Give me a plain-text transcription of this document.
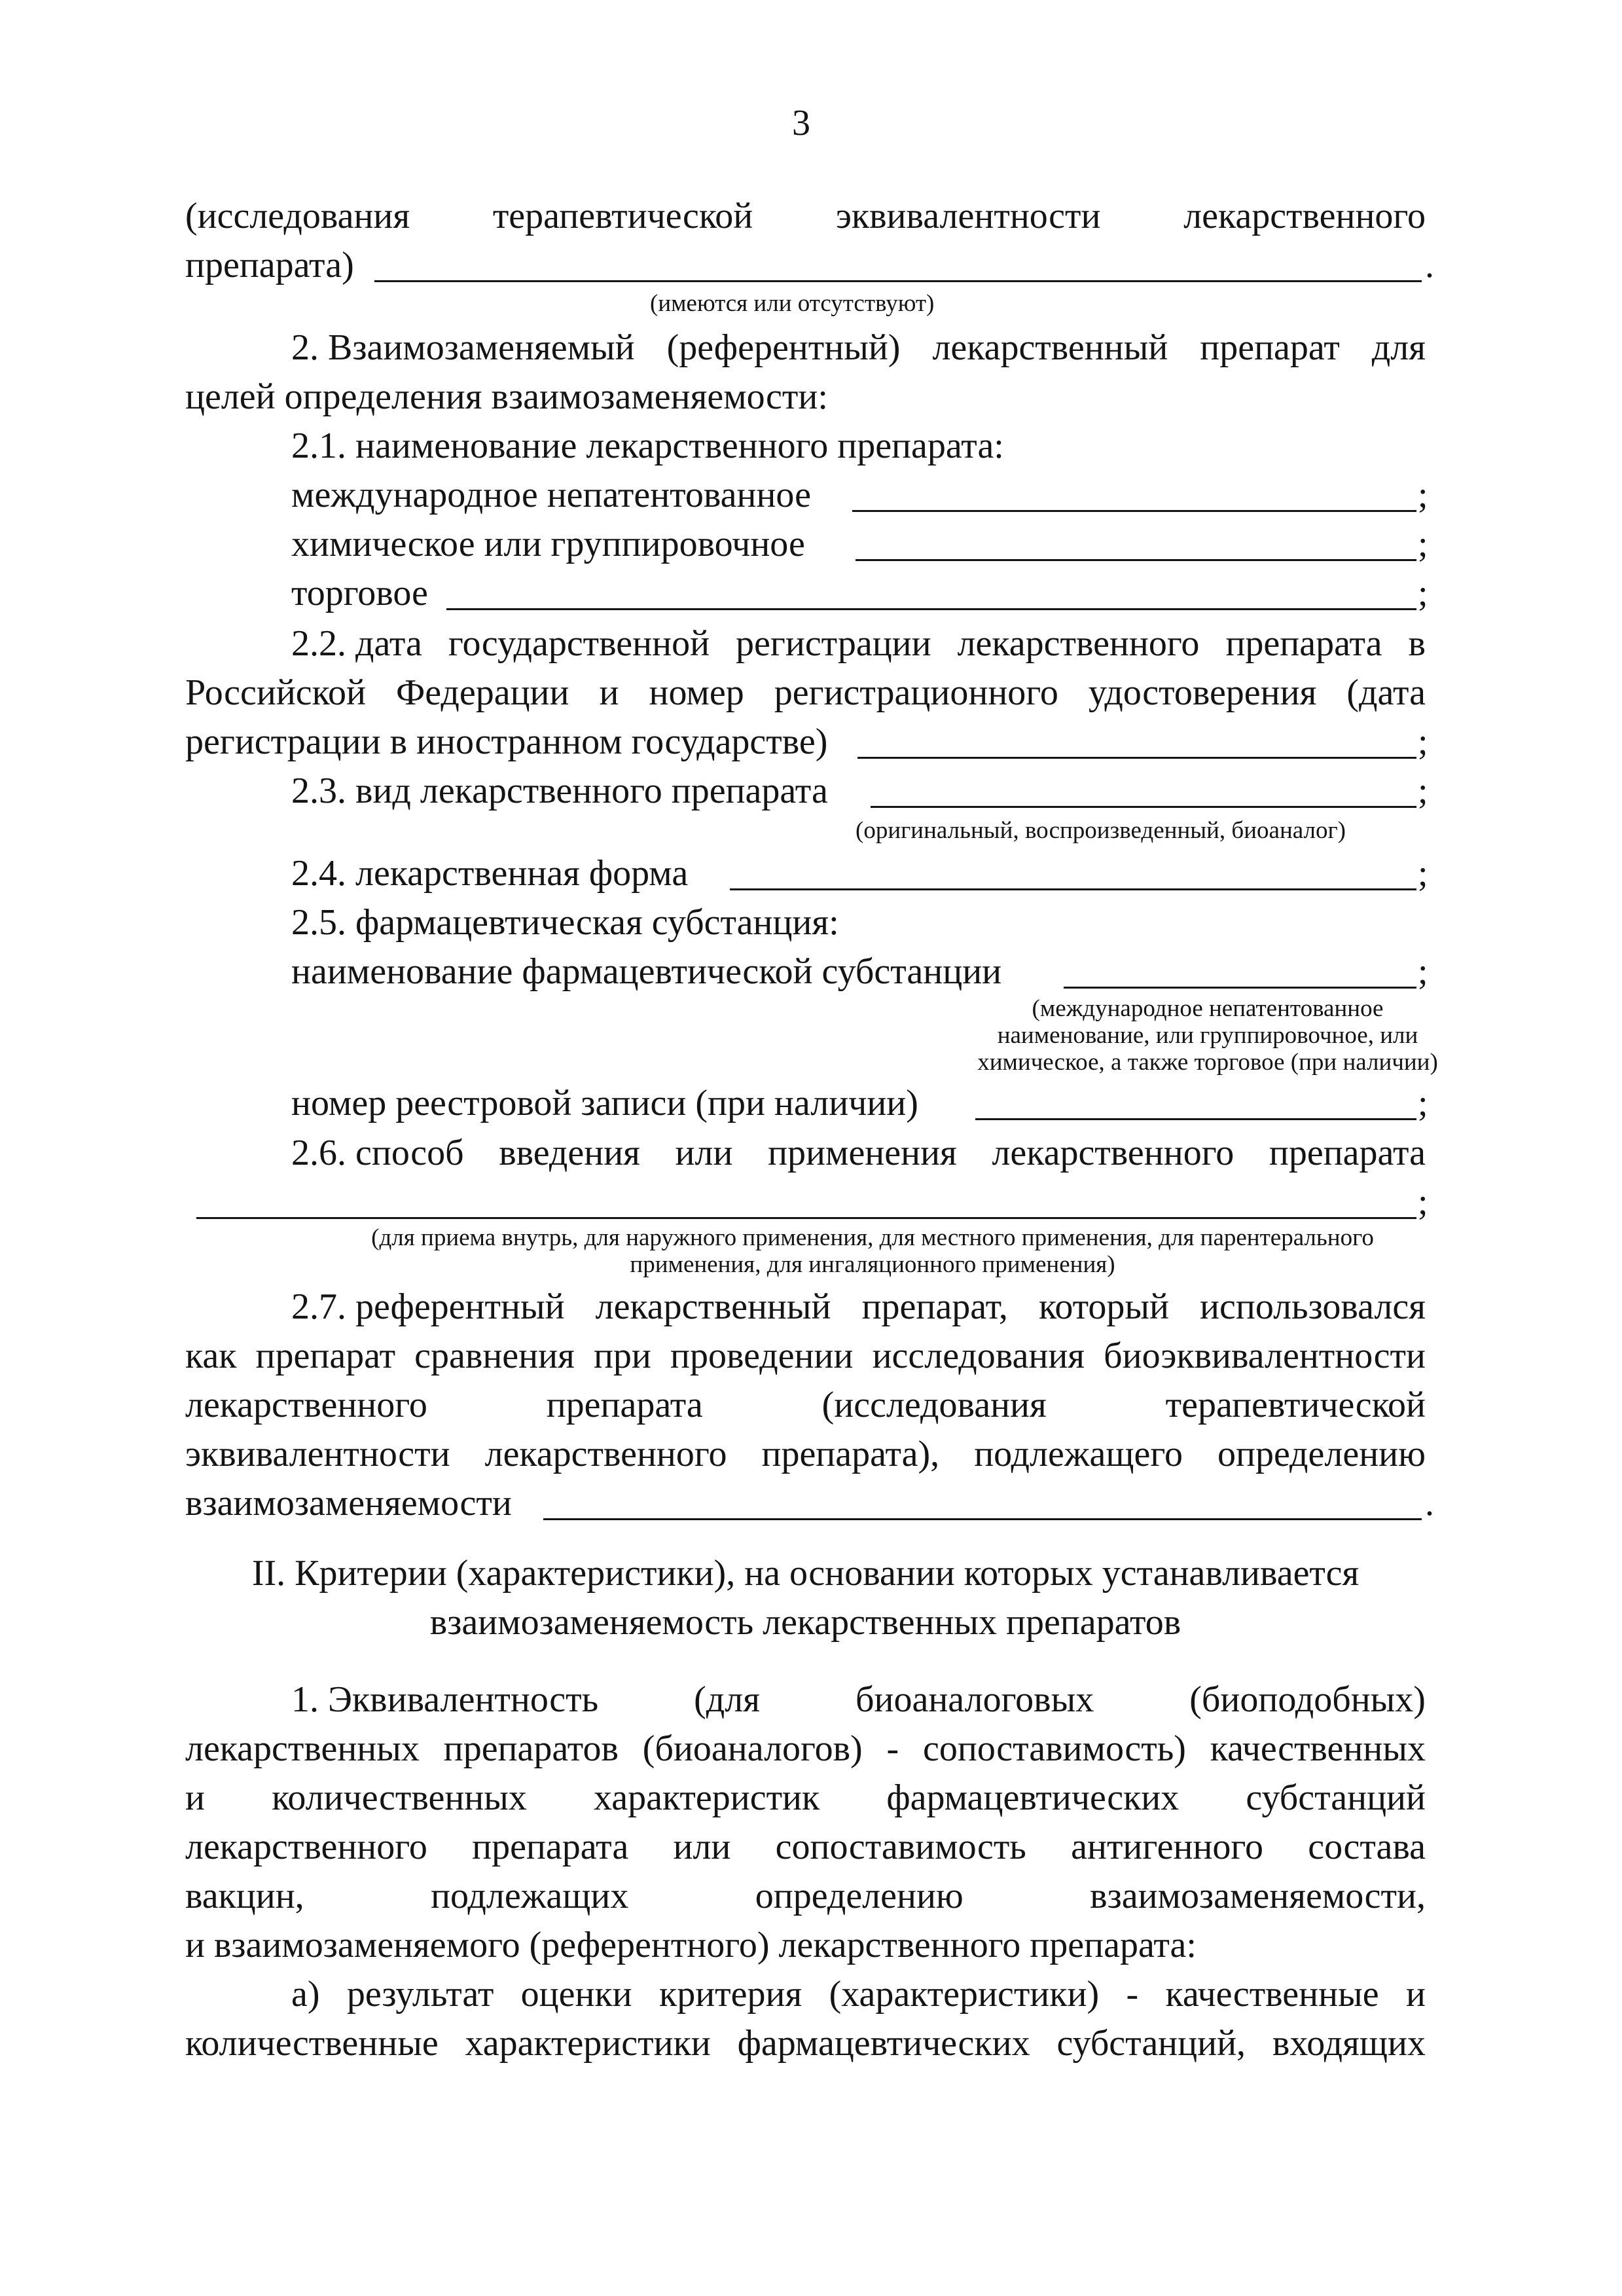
3
(исследования терапевтической эквивалентности лекарственного
препарата)	.
(имеются или отсутствуют)
2. Взаимозаменяемый (референтный) лекарственный препарат для
целей определения взаимозаменяемости:
2.1. наименование лекарственного препарата:
международное непатентованное	;
химическое или группировочное	;
торговое	;
2.2. дата государственной регистрации лекарственного препарата в
Российской Федерации и номер регистрационного удостоверения (дата
регистрации в иностранном государстве)	;
2.3. вид лекарственного препарата	;
(оригинальный, воспроизведенный, биоаналог)
2.4. лекарственная форма	;
2.5. фармацевтическая субстанция:
наименование фармацевтической субстанции	;
(международное непатентованное
наименование, или группировочное, или
химическое, а также торговое (при наличии)
номер реестровой записи (при наличии)	;
2.6. способ введения или применения лекарственного препарата
;
(для приема внутрь, для наружного применения, для местного применения, для парентерального
применения, для ингаляционного применения)
2.7. референтный лекарственный препарат, который использовался
как препарат сравнения при проведении исследования биоэквивалентности
лекарственного	препарата	(исследования	терапевтической
эквивалентности лекарственного препарата), подлежащего определению
взаимозаменяемости	.
II. Критерии (характеристики), на основании которых устанавливается
взаимозаменяемость лекарственных препаратов
1. Эквивалентность	(для	биоаналоговых	(биоподобных)
лекарственных препаратов (биоаналогов) - сопоставимость) качественных
и количественных характеристик фармацевтических субстанций
лекарственного препарата или сопоставимость антигенного состава
вакцин,	подлежащих	определению	взаимозаменяемости,
и взаимозаменяемого (референтного) лекарственного препарата:
а) результат оценки критерия (характеристики) - качественные и
количественные характеристики фармацевтических субстанций, входящих
